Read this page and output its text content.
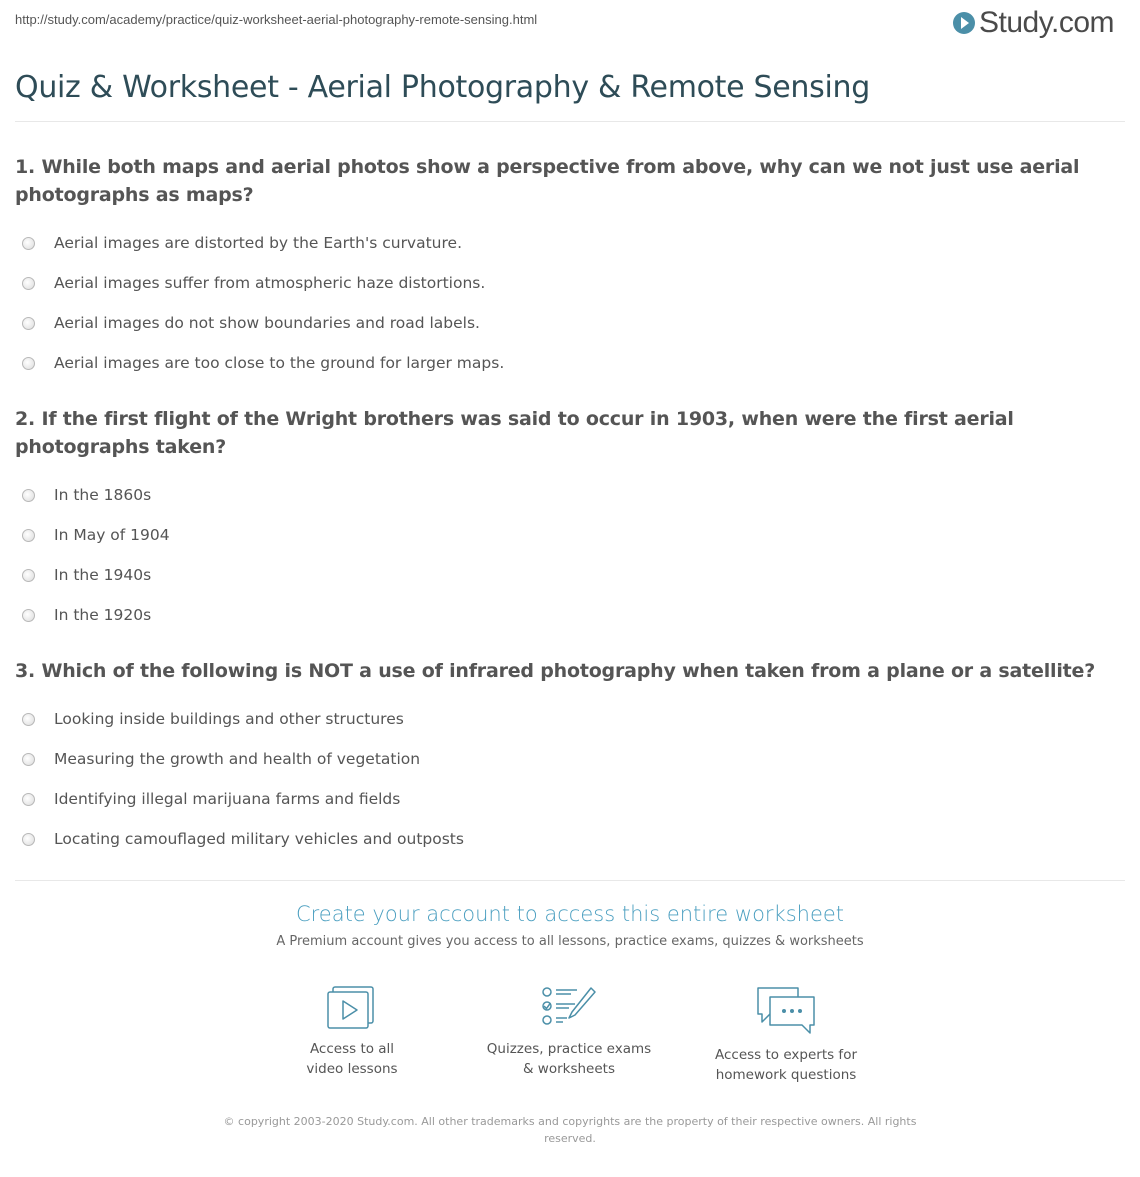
http://study.com/academy/practice/quiz-worksheet-aerial-photography-remote-sensing.html	Study.com
Quiz & Worksheet - Aerial Photography & Remote Sensing
1. While both maps and aerial photos show a perspective from above, why can we not just use aerial photographs as maps?
Aerial images are distorted by the Earth's curvature.
Aerial images suffer from atmospheric haze distortions.
Aerial images do not show boundaries and road labels.
Aerial images are too close to the ground for larger maps.
2. If the first flight of the Wright brothers was said to occur in 1903, when were the first aerial photographs taken?
In the 1860s
In May of 1904
In the 1940s
In the 1920s
3. Which of the following is NOT a use of infrared photography when taken from a plane or a satellite?
Looking inside buildings and other structures
Measuring the growth and health of vegetation
Identifying illegal marijuana farms and fields
Locating camouflaged military vehicles and outposts
Create your account to access this entire worksheet
A Premium account gives you access to all lessons, practice exams, quizzes & worksheets
Access to all
video lessons
Quizzes, practice exams
& worksheets
Access to experts for
homework questions
© copyright 2003-2020 Study.com. All other trademarks and copyrights are the property of their respective owners. All rights reserved.
